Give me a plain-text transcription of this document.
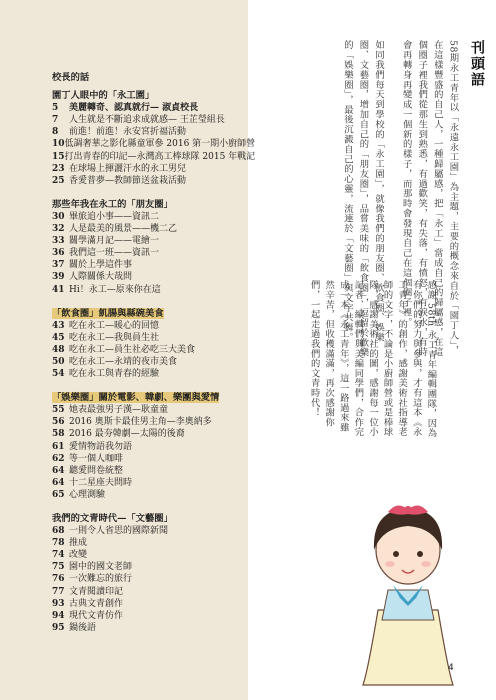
校長的話
園丁人眼中的「永工園」
5	美麗轉奇、認真就行— 淑貞校長
7	人生就是不斷追求成就感— 王芷瑩組長
8	前進！前進！永安宮折福活動
10 低調奢華之影化縣童軍參 2016 第一期小廚師營
15 打出青春的印記—永灣高工棒球隊 2015 年戰記
23 在球場上揮灑汗水的永工男兒
25 香愛普夢—教師節送盆栽活動
那些年我在永工的「朋友圈」
30 畢旅追小事——資訊二
32 人是最美的風景——機二乙
33 關學滿月記——電繪一
36 我們這一班——資訊一
37 關於上學這件事
39 人際關係大哉問
41 Hi！永工—原來你在這
「飲食圈」飢腸與縣碗美食
43 吃在永工—暖心的回憶
45 吃在永工—我與員生社
48 吃在永工—員生社必吃三大美食
50 吃在永工—永靖的夜市美食
54 吃在永工與青春的經驗
「娛樂圈」關於電影、韓劇、樂團與愛情
55 她表最強男子漢—耿童童
56 2016 奧斯卡最佳男主角—李奧納多
58 2016 最夯韓劇—太陽的後裔
61 愛情物語我勿語
62 等一個人咖啡
64 聽愛問卷統整
64 十二星座夫問時
65 心理測驗
我們的文青時代—「文藝圈」
68 一則令人省思的國際新聞
78 推成
74 改變
75 園中的國文老師
76 一次難忘的旅行
77 文青閱讀印記
93 古典文青創作
94 現代文青仿作
95 鍋後語
刊頭語

58期永工青年以「永遠永工園」為主題，主要的概念來自於「園丁人」，在這樣豐盛的自己人，一種歸屬感，把「永工」當成自己的歸屬感，在這個圈子裡我們從那生到熟悉，有過歡笑，有失落，有憤怒，有淚水，有時會再轉身再變成一個新的樣子，而那時會發現自己在這個圈子裡。

如同我們每天到學校的「永工園」，就像我們的朋友圈、飲食圈、娛樂圈、文藝圈，增加自己的「朋友圈」，品嘗美味的「飲食圈」，逗留於歡樂的「娛樂圈」，最後沉澱自己的心靈，流連於「文藝圈」與文字共舞。

感謝 58th 永工青年編輯團隊，因為有你們的努力與參與，才有這本《永工青年》的創作，感謝美術社指導老師的文字，不論是小廚師營或是棒球隊，感謝美術社的圖，感謝每一位小記者、編輯們與美編同學們，合作完成一本《永工青年》，這一路過來雖然辛苦，但收穫滿滿，再次感謝你們，一起走過我們的文青時代！

4
